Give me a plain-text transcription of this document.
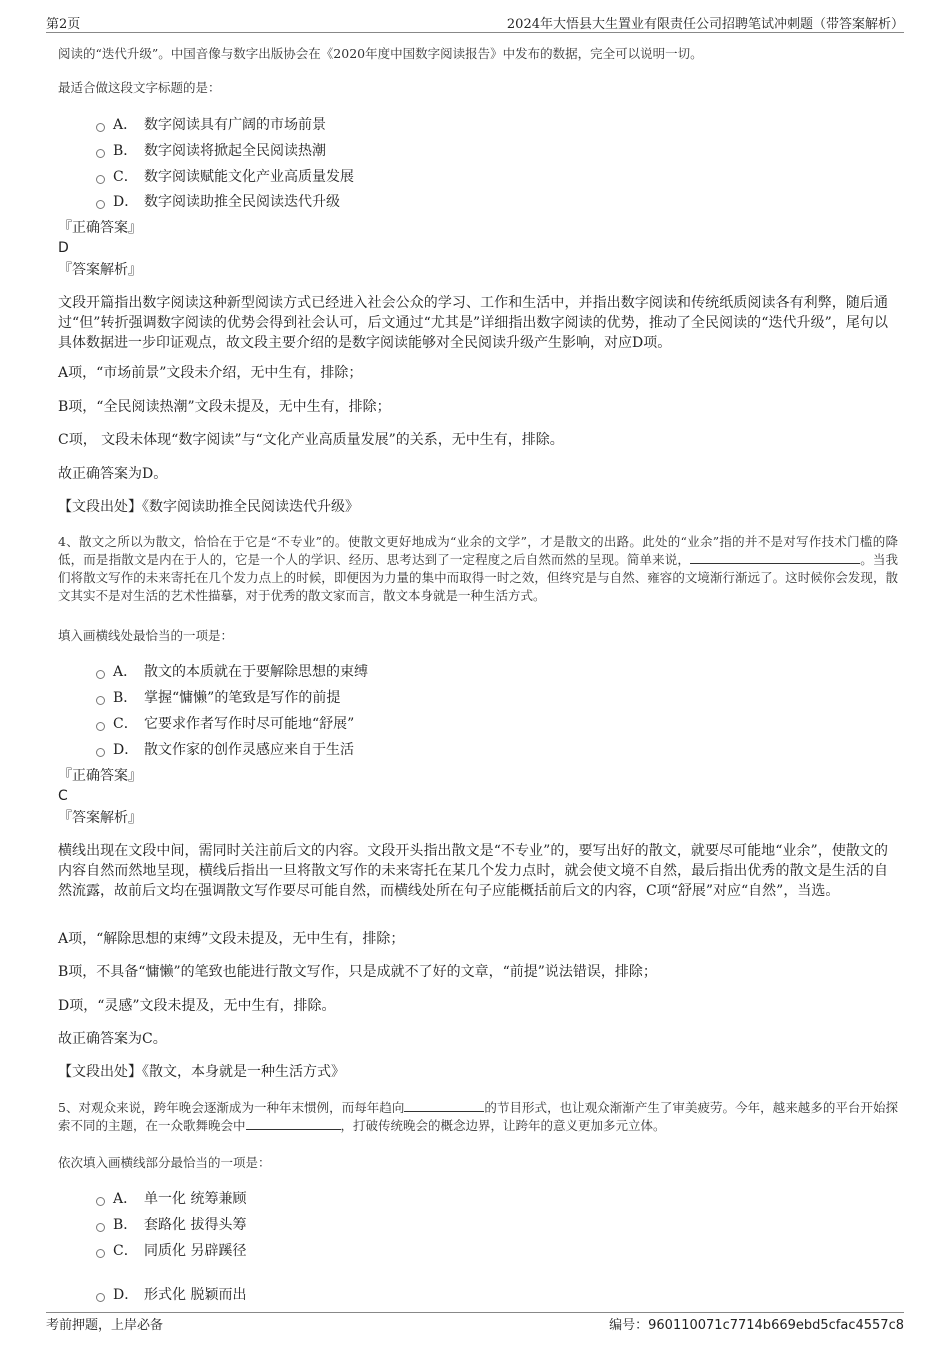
第2页	2024年大悟县大生置业有限责任公司招聘笔试冲刺题（带答案解析）
阅读的“迭代升级”。中国音像与数字出版协会在《2020年度中国数字阅读报告》中发布的数据，完全可以说明一切。
最适合做这段文字标题的是：
A． 数字阅读具有广阔的市场前景
B． 数字阅读将掀起全民阅读热潮
C． 数字阅读赋能文化产业高质量发展
D． 数字阅读助推全民阅读迭代升级
『正确答案』
D
『答案解析』
文段开篇指出数字阅读这种新型阅读方式已经进入社会公众的学习、工作和生活中，并指出数字阅读和传统纸质阅读各有利弊，随后通过“但”转折强调数字阅读的优势会得到社会认可，后文通过“尤其是”详细指出数字阅读的优势，推动了全民阅读的“迭代升级”，尾句以具体数据进一步印证观点，故文段主要介绍的是数字阅读能够对全民阅读升级产生影响，对应D项。
A项，“市场前景”文段未介绍，无中生有，排除；
B项，“全民阅读热潮”文段未提及，无中生有，排除；
C项， 文段未体现“数字阅读”与“文化产业高质量发展”的关系，无中生有，排除。
故正确答案为D。
【文段出处】《数字阅读助推全民阅读迭代升级》
4、散文之所以为散文，恰恰在于它是“不专业”的。使散文更好地成为“业余的文学”，才是散文的出路。此处的“业余”指的并不是对写作技术门槛的降低，而是指散文是内在于人的，它是一个人的学识、经历、思考达到了一定程度之后自然而然的呈现。简单来说，	。当我们将散文写作的未来寄托在几个发力点上的时候，即便因为力量的集中而取得一时之效，但终究是与自然、雍容的文境渐行渐远了。这时候你会发现，散文其实不是对生活的艺术性描摹，对于优秀的散文家而言，散文本身就是一种生活方式。
填入画横线处最恰当的一项是：
A． 散文的本质就在于要解除思想的束缚
B． 掌握“慵懒”的笔致是写作的前提
C． 它要求作者写作时尽可能地“舒展”
D． 散文作家的创作灵感应来自于生活
『正确答案』
C
『答案解析』
横线出现在文段中间，需同时关注前后文的内容。文段开头指出散文是“不专业”的，要写出好的散文，就要尽可能地“业余”，使散文的内容自然而然地呈现，横线后指出一旦将散文写作的未来寄托在某几个发力点时，就会使文境不自然，最后指出优秀的散文是生活的自然流露，故前后文均在强调散文写作要尽可能自然，而横线处所在句子应能概括前后文的内容，C项“舒展”对应“自然”，当选。
A项，“解除思想的束缚”文段未提及，无中生有，排除；
B项，不具备“慵懒”的笔致也能进行散文写作，只是成就不了好的文章，“前提”说法错误，排除；
D项，“灵感”文段未提及，无中生有，排除。
故正确答案为C。
【文段出处】《散文，本身就是一种生活方式》
5、对观众来说，跨年晚会逐渐成为一种年末惯例，而每年趋向	的节目形式，也让观众渐渐产生了审美疲劳。今年，越来越多的平台开始探索不同的主题，在一众歌舞晚会中	，打破传统晚会的概念边界，让跨年的意义更加多元立体。
依次填入画横线部分最恰当的一项是：
A． 单一化 统筹兼顾
B． 套路化 拔得头筹
C． 同质化 另辟蹊径
D． 形式化 脱颖而出
考前押题，上岸必备	编号：960110071c7714b669ebd5cfac4557c8
